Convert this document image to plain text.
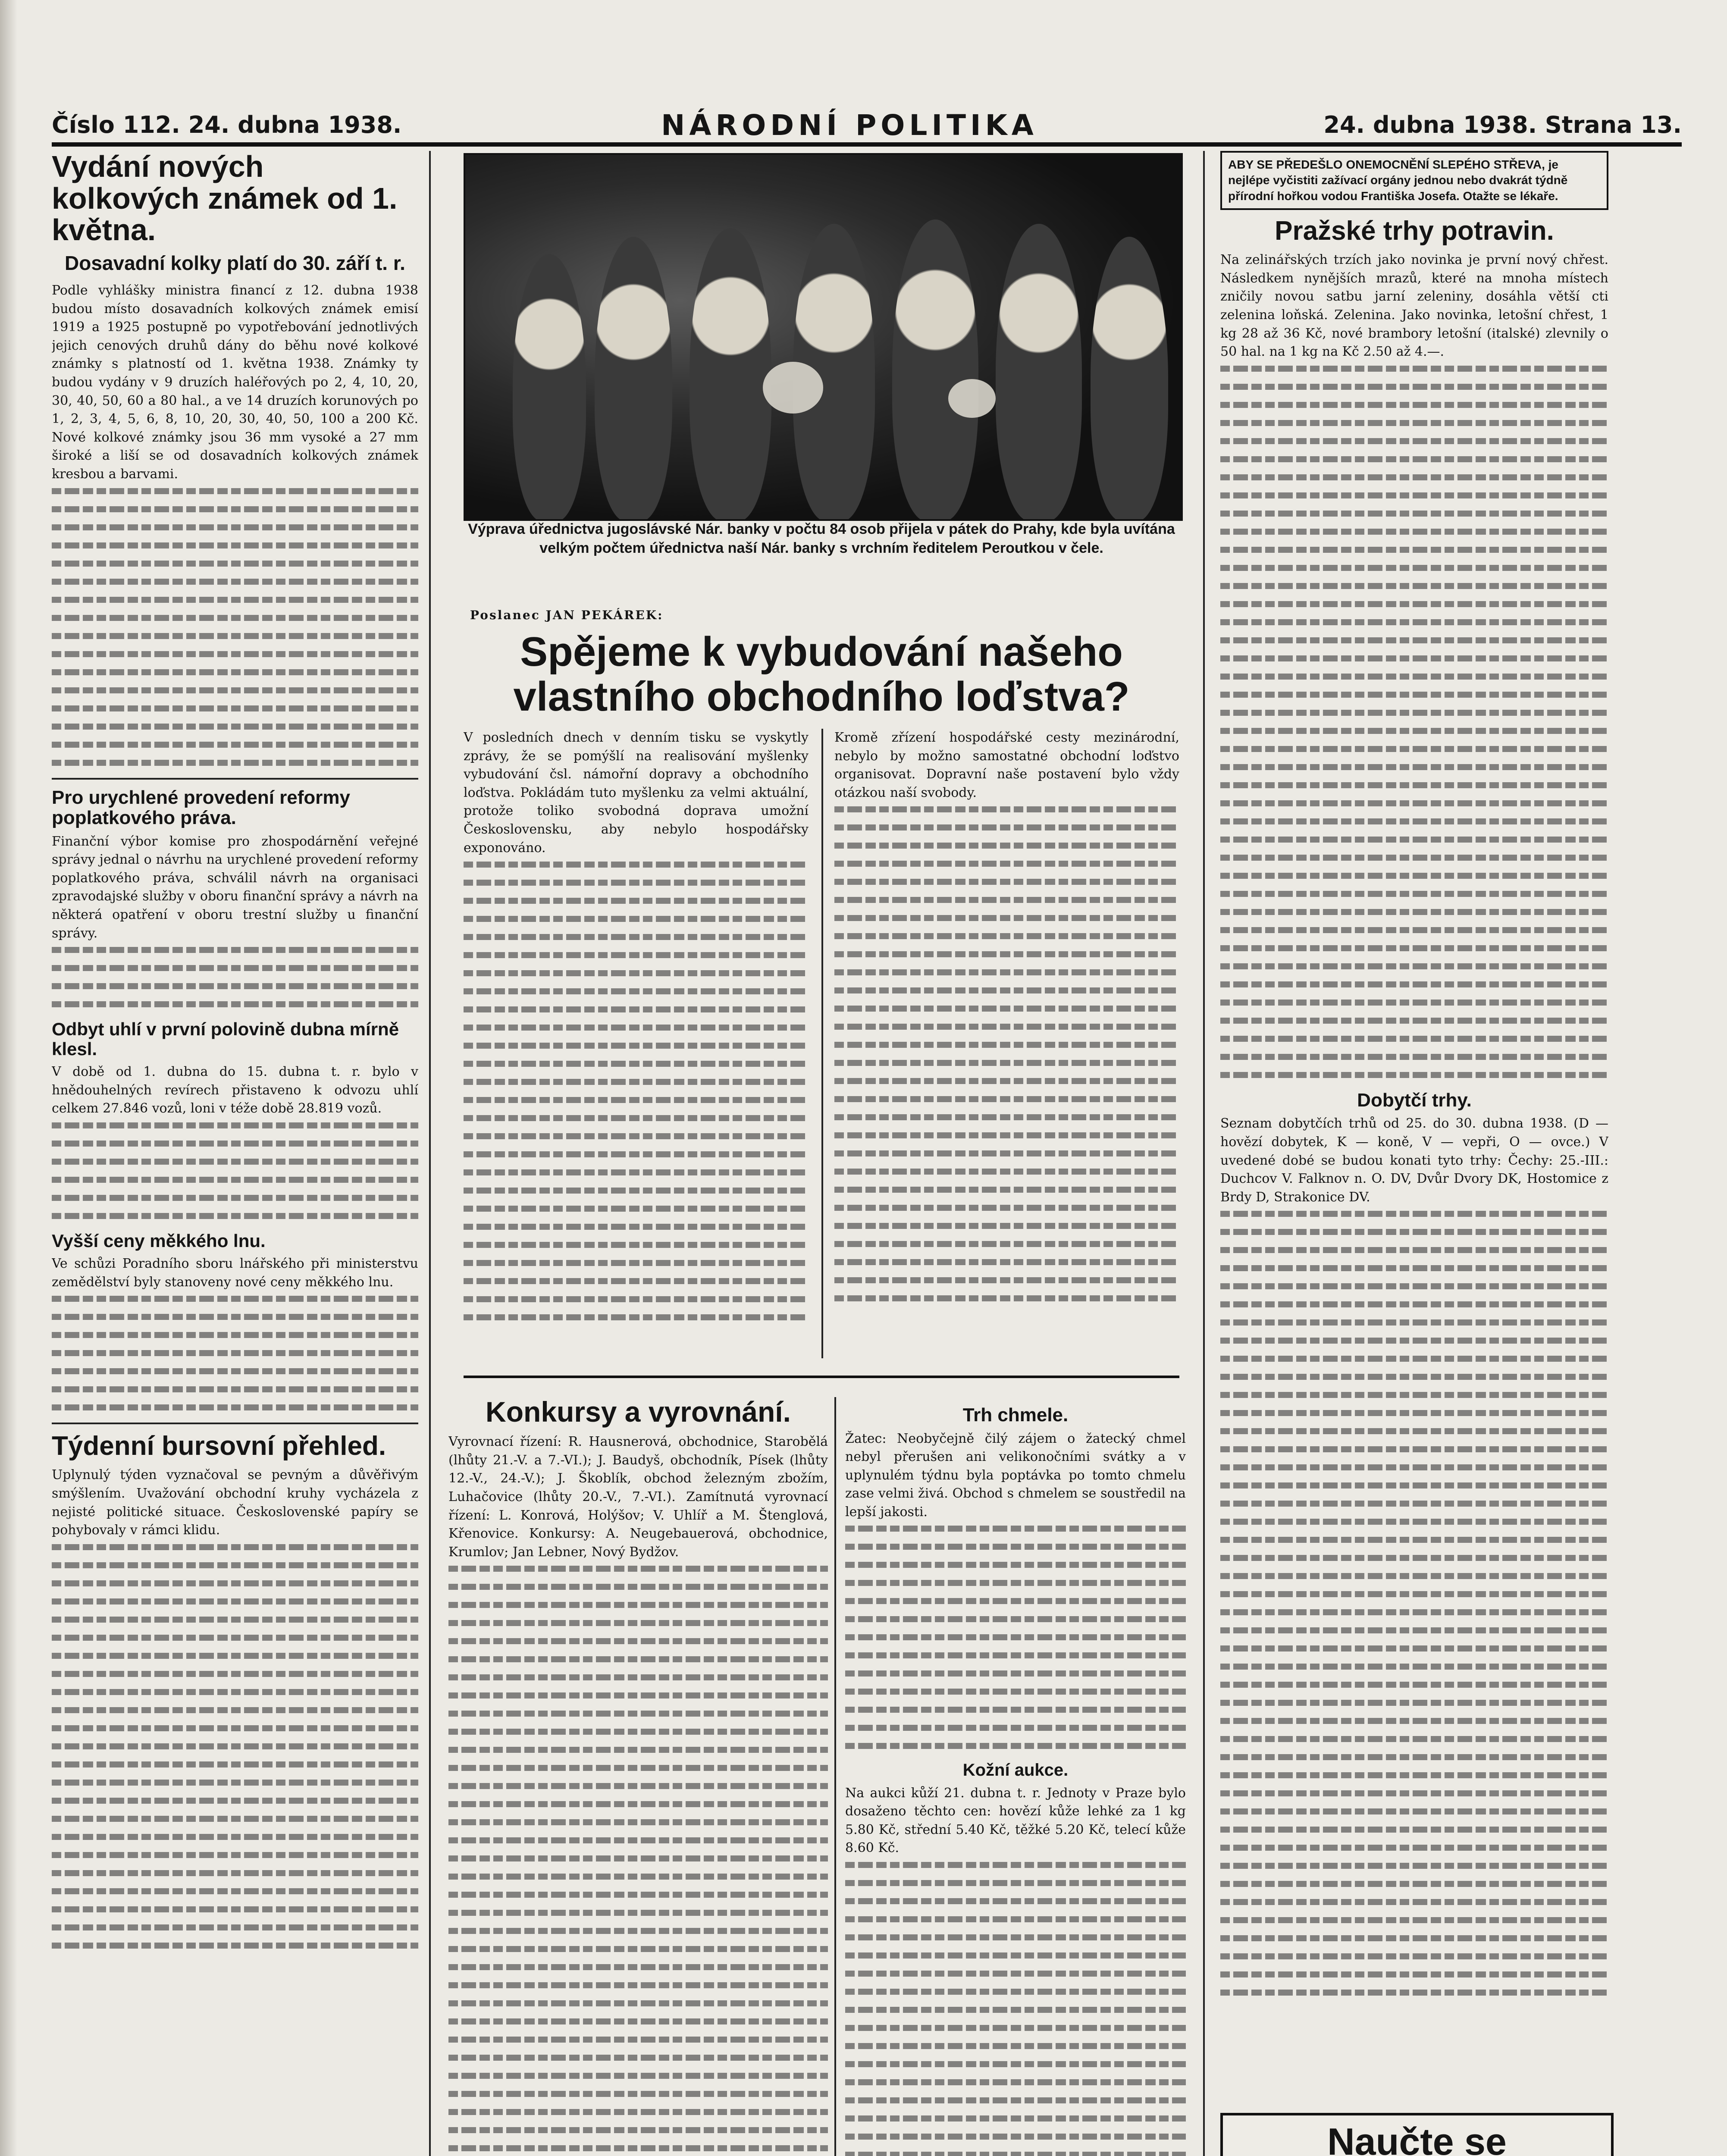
Číslo 112. 24. dubna 1938.	NÁRODNÍ POLITIKA	24. dubna 1938. Strana 13.
Vydání nových kolkových známek od 1. května.
Dosavadní kolky platí do 30. září t. r.

Podle vyhlášky ministra financí z 12. dubna 1938 budou místo dosavadních kolkových známek emisí 1919 a 1925 postupně po vypotřebování jednotlivých jejich cenových druhů dány do běhu nové kolkové známky s platností od 1. května 1938. Známky ty budou vydány v 9 druzích haléřových po 2, 4, 10, 20, 30, 40, 50, 60 a 80 hal., a ve 14 druzích korunových po 1, 2, 3, 4, 5, 6, 8, 10, 20, 30, 40, 50, 100 a 200 Kč. Nové kolkové známky jsou 36 mm vysoké a 27 mm široké a liší se od dosavadních kolkových známek kresbou a barvami.

Pro urychlené provedení reformy poplatkového práva.

Finanční výbor komise pro zhospodárnění veřejné správy jednal o návrhu na urychlené provedení reformy poplatkového práva, schválil návrh na organisaci zpravodajské služby v oboru finanční správy a návrh na některá opatření v oboru trestní služby u finanční správy.

Odbyt uhlí v první polovině dubna mírně klesl.

V době od 1. dubna do 15. dubna t. r. bylo v hnědouhelných revírech přistaveno k odvozu uhlí celkem 27.846 vozů, loni v téže době 28.819 vozů.

Vyšší ceny měkkého lnu.

Ve schůzi Poradního sboru lnářského při ministerstvu zemědělství byly stanoveny nové ceny měkkého lnu.

Týdenní bursovní přehled.

Uplynulý týden vyznačoval se pevným a důvěřivým smýšlením. Uvažování obchodní kruhy vycházela z nejisté politické situace. Československé papíry se pohybovaly v rámci klidu.

Výprava úřednictva jugoslávské Nár. banky v počtu 84 osob přijela v pátek do Prahy, kde byla uvítána velkým počtem úřednictva naší Nár. banky s vrchním ředitelem Peroutkou v čele.
Poslanec JAN PEKÁREK:
Spějeme k vybudování našeho vlastního obchodního loďstva?

V posledních dnech v denním tisku se vyskytly zprávy, že se pomýšlí na realisování myšlenky vybudování čsl. námořní dopravy a obchodního loďstva. Pokládám tuto myšlenku za velmi aktuální, protože toliko svobodná doprava umožní Československu, aby nebylo hospodářsky exponováno.

Kromě zřízení hospodářské cesty mezinárodní, nebylo by možno samostatné obchodní loďstvo organisovat. Dopravní naše postavení bylo vždy otázkou naší svobody.

Konkursy a vyrovnání.

Vyrovnací řízení: R. Hausnerová, obchodnice, Starobělá (lhůty 21.-V. a 7.-VI.); J. Baudyš, obchodník, Písek (lhůty 12.-V., 24.-V.); J. Škoblík, obchod železným zbožím, Luhačovice (lhůty 20.-V., 7.-VI.). Zamítnutá vyrovnací řízení: L. Konrová, Holýšov; V. Uhlíř a M. Štenglová, Křenovice. Konkursy: A. Neugebauerová, obchodnice, Krumlov; Jan Lebner, Nový Bydžov.

Trh chmele.

Žatec: Neobyčejně čilý zájem o žatecký chmel nebyl přerušen ani velikonočními svátky a v uplynulém týdnu byla poptávka po tomto chmelu zase velmi živá. Obchod s chmelem se soustředil na lepší jakosti.

Kožní aukce.

Na aukci kůží 21. dubna t. r. Jednoty v Praze bylo dosaženo těchto cen: hovězí kůže lehké za 1 kg 5.80 Kč, střední 5.40 Kč, těžké 5.20 Kč, telecí kůže 8.60 Kč.

ABY SE PŘEDEŠLO ONEMOCNĚNÍ SLEPÉHO STŘEVA, je nejlépe vyčistiti zažívací orgány jednou nebo dvakrát týdně přírodní hořkou vodou Františka Josefa. Otažte se lékaře.
Pražské trhy potravin.

Na zelinářských trzích jako novinka je první nový chřest. Následkem nynějších mrazů, které na mnoha místech zničily novou satbu jarní zeleniny, dosáhla větší cti zelenina loňská. Zelenina. Jako novinka, letošní chřest, 1 kg 28 až 36 Kč, nové brambory letošní (italské) zlevnily o 50 hal. na 1 kg na Kč 2.50 až 4.—.

Dobytčí trhy.

Seznam dobytčích trhů od 25. do 30. dubna 1938. (D — hovězí dobytek, K — koně, V — vepři, O — ovce.) V uvedené dobé se budou konati tyto trhy: Čechy: 25.-III.: Duchcov V. Falknov n. O. DV, Dvůr Dvory DK, Hostomice z Brdy D, Strakonice DV.

Naučte se
